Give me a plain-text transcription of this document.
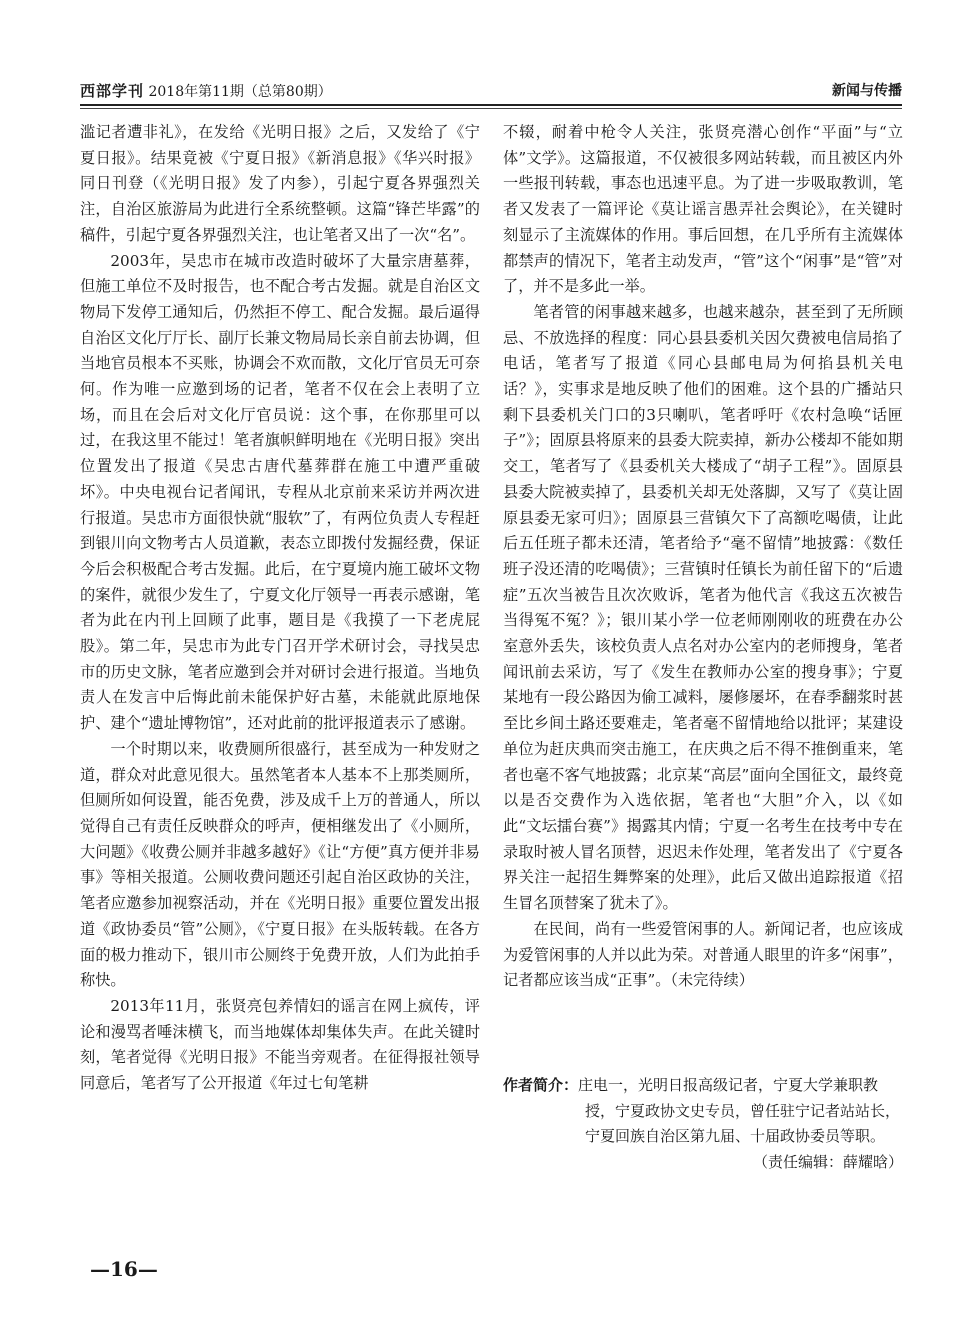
西部学刊 2018年第11期（总第80期）	新闻与传播

滥记者遭非礼》，在发给《光明日报》之后，又发给了《宁夏日报》。结果竟被《宁夏日报》《新消息报》《华兴时报》同日刊登（《光明日报》发了内参），引起宁夏各界强烈关注，自治区旅游局为此进行全系统整顿。这篇“锋芒毕露”的稿件，引起宁夏各界强烈关注，也让笔者又出了一次“名”。

2003年，吴忠市在城市改造时破坏了大量宗唐墓葬，但施工单位不及时报告，也不配合考古发掘。就是自治区文物局下发停工通知后，仍然拒不停工、配合发掘。最后逼得自治区文化厅厅长、副厅长兼文物局局长亲自前去协调，但当地官员根本不买账，协调会不欢而散，文化厅官员无可奈何。作为唯一应邀到场的记者，笔者不仅在会上表明了立场，而且在会后对文化厅官员说：这个事，在你那里可以过，在我这里不能过！笔者旗帜鲜明地在《光明日报》突出位置发出了报道《吴忠古唐代墓葬群在施工中遭严重破坏》。中央电视台记者闻讯，专程从北京前来采访并两次进行报道。吴忠市方面很快就“服软”了，有两位负责人专程赶到银川向文物考古人员道歉，表态立即拨付发掘经费，保证今后会积极配合考古发掘。此后，在宁夏境内施工破坏文物的案件，就很少发生了，宁夏文化厅领导一再表示感谢，笔者为此在内刊上回顾了此事，题目是《我摸了一下老虎屁股》。第二年，吴忠市为此专门召开学术研讨会，寻找吴忠市的历史文脉，笔者应邀到会并对研讨会进行报道。当地负责人在发言中后悔此前未能保护好古墓，未能就此原地保护、建个“遗址博物馆”，还对此前的批评报道表示了感谢。

一个时期以来，收费厕所很盛行，甚至成为一种发财之道，群众对此意见很大。虽然笔者本人基本不上那类厕所，但厕所如何设置，能否免费，涉及成千上万的普通人，所以觉得自己有责任反映群众的呼声，便相继发出了《小厕所，大问题》《收费公厕并非越多越好》《让“方便”真方便并非易事》等相关报道。公厕收费问题还引起自治区政协的关注，笔者应邀参加视察活动，并在《光明日报》重要位置发出报道《政协委员“管”公厕》，《宁夏日报》在头版转载。在各方面的极力推动下，银川市公厕终于免费开放，人们为此拍手称快。

2013年11月，张贤亮包养情妇的谣言在网上疯传，评论和漫骂者唾沫横飞，而当地媒体却集体失声。在此关键时刻，笔者觉得《光明日报》不能当旁观者。在征得报社领导同意后，笔者写了公开报道《年过七旬笔耕

不辍，耐着中枪令人关注，张贤亮潜心创作“平面”与“立体”文学》。这篇报道，不仅被很多网站转载，而且被区内外一些报刊转载，事态也迅速平息。为了进一步吸取教训，笔者又发表了一篇评论《莫让谣言愚弄社会舆论》，在关键时刻显示了主流媒体的作用。事后回想，在几乎所有主流媒体都禁声的情况下，笔者主动发声，“管”这个“闲事”是“管”对了，并不是多此一举。

笔者管的闲事越来越多，也越来越杂，甚至到了无所顾忌、不放选择的程度：同心县县委机关因欠费被电信局掐了电话，笔者写了报道《同心县邮电局为何掐县机关电话？》，实事求是地反映了他们的困难。这个县的广播站只剩下县委机关门口的3只喇叭，笔者呼吁《农村急唤“话匣子”》；固原县将原来的县委大院卖掉，新办公楼却不能如期交工，笔者写了《县委机关大楼成了“胡子工程”》。固原县县委大院被卖掉了，县委机关却无处落脚，又写了《莫让固原县委无家可归》；固原县三营镇欠下了高额吃喝债，让此后五任班子都未还清，笔者给予“毫不留情”地披露：《数任班子没还清的吃喝债》；三营镇时任镇长为前任留下的“后遗症”五次当被告且次次败诉，笔者为他代言《我这五次被告当得冤不冤？》；银川某小学一位老师刚刚收的班费在办公室意外丢失，该校负责人点名对办公室内的老师搜身，笔者闻讯前去采访，写了《发生在教师办公室的搜身事》；宁夏某地有一段公路因为偷工减料，屡修屡坏，在春季翻浆时甚至比乡间土路还要难走，笔者毫不留情地给以批评；某建设单位为赶庆典而突击施工，在庆典之后不得不推倒重来，笔者也毫不客气地披露；北京某“高层”面向全国征文，最终竟以是否交费作为入选依据，笔者也“大胆”介入，以《如此“文坛擂台赛”》揭露其内情；宁夏一名考生在技考中专在录取时被人冒名顶替，迟迟未作处理，笔者发出了《宁夏各界关注一起招生舞弊案的处理》，此后又做出追踪报道《招生冒名顶替案了犹未了》。

在民间，尚有一些爱管闲事的人。新闻记者，也应该成为爱管闲事的人并以此为荣。对普通人眼里的许多“闲事”，记者都应该当成“正事”。（未完待续）

作者简介：庄电一，光明日报高级记者，宁夏大学兼职教
授，宁夏政协文史专员，曾任驻宁记者站站长，
宁夏回族自治区第九届、十届政协委员等职。
（责任编辑：薛耀晗）
—16—
